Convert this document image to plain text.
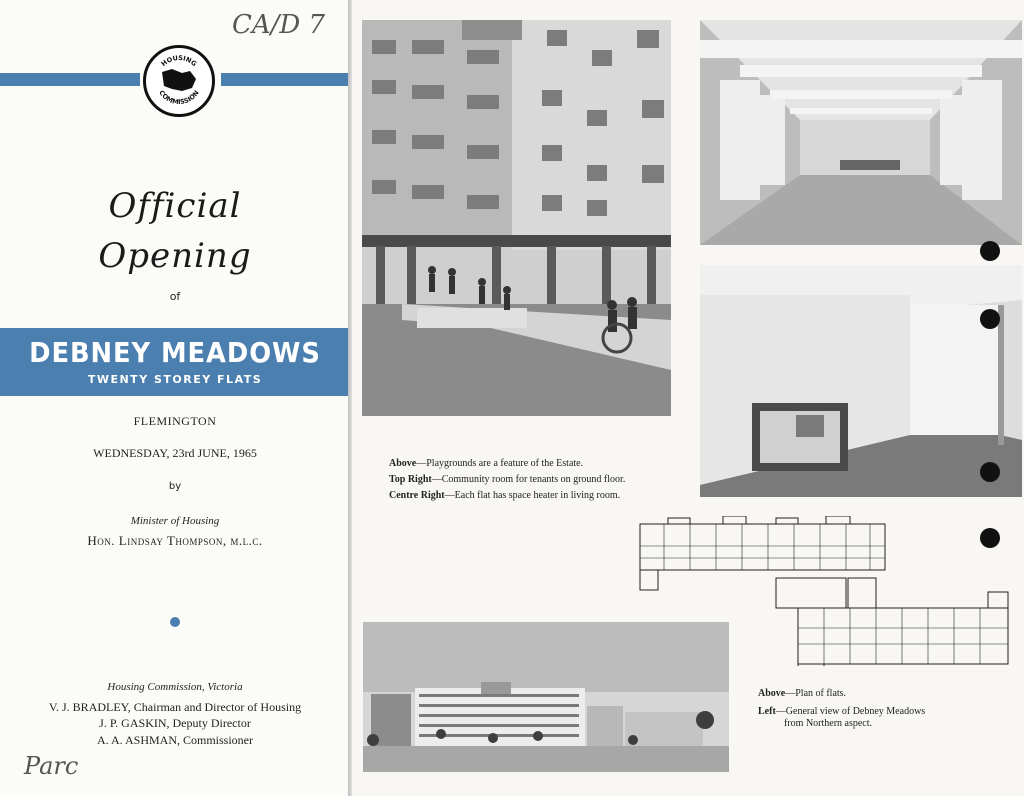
HOUSING
COMMISSION
CA/D 7
Official
Opening
of
DEBNEY MEADOWS
TWENTY STOREY FLATS
FLEMINGTON
WEDNESDAY, 23rd JUNE, 1965
by
Minister of Housing
Hon. Lindsay Thompson, m.l.c.
Housing Commission, Victoria
V. J. BRADLEY, Chairman and Director of Housing
J. P. GASKIN, Deputy Director
A. A. ASHMAN, Commissioner
Parc
Above—Playgrounds are a feature of the Estate.
Top Right—Community room for tenants on ground floor.
Centre Right—Each flat has space heater in living room.
Above—Plan of flats.
Left—General view of Debney Meadows
from Northern aspect.
